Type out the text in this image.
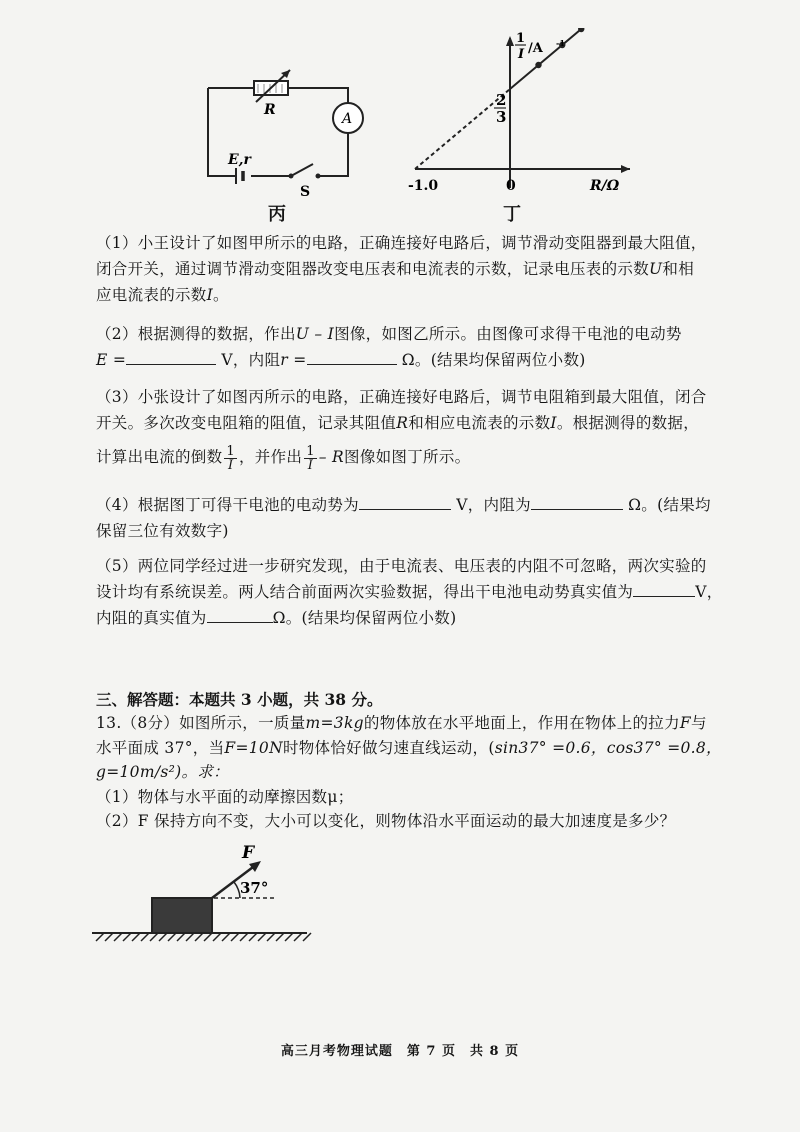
R
A
E,r
S
丙
1
I /A -1
2
3
-1.0	0	R/Ω
丁
（1）小王设计了如图甲所示的电路，正确连接好电路后，调节滑动变阻器到最大阻值，
闭合开关，通过调节滑动变阻器改变电压表和电流表的示数，记录电压表的示数U和相
应电流表的示数I。
（2）根据测得的数据，作出U – I图像，如图乙所示。由图像可求得干电池的电动势
E =	V，内阻r =	Ω。(结果均保留两位小数)
（3）小张设计了如图丙所示的电路，正确连接好电路后，调节电阻箱到最大阻值，闭合
开关。多次改变电阻箱的阻值，记录其阻值R和相应电流表的示数I。根据测得的数据，
计算出电流的倒数 $\frac{1}{I}$ ，并作出 $\frac{1}{I}$ – R图像如图丁所示。
（4）根据图丁可得干电池的电动势为	V，内阻为	Ω。(结果均
保留三位有效数字)
（5）两位同学经过进一步研究发现，由于电流表、电压表的内阻不可忽略，两次实验的
设计均有系统误差。两人结合前面两次实验数据，得出干电池电动势真实值为	V，
内阻的真实值为	Ω。(结果均保留两位小数)
三、解答题：本题共 3 小题，共 38 分。
13.（8分）如图所示，一质量m=3kg的物体放在水平地面上，作用在物体上的拉力F与
水平面成 37°，当F=10N时物体恰好做匀速直线运动，(sin37° =0.6，cos37° =0.8，
g=10m/s²)。求：
（1）物体与水平面的动摩擦因数μ；
（2）F 保持方向不变，大小可以变化，则物体沿水平面运动的最大加速度是多少？
F
37°
高三月考物理试题　第 7 页　共 8 页
